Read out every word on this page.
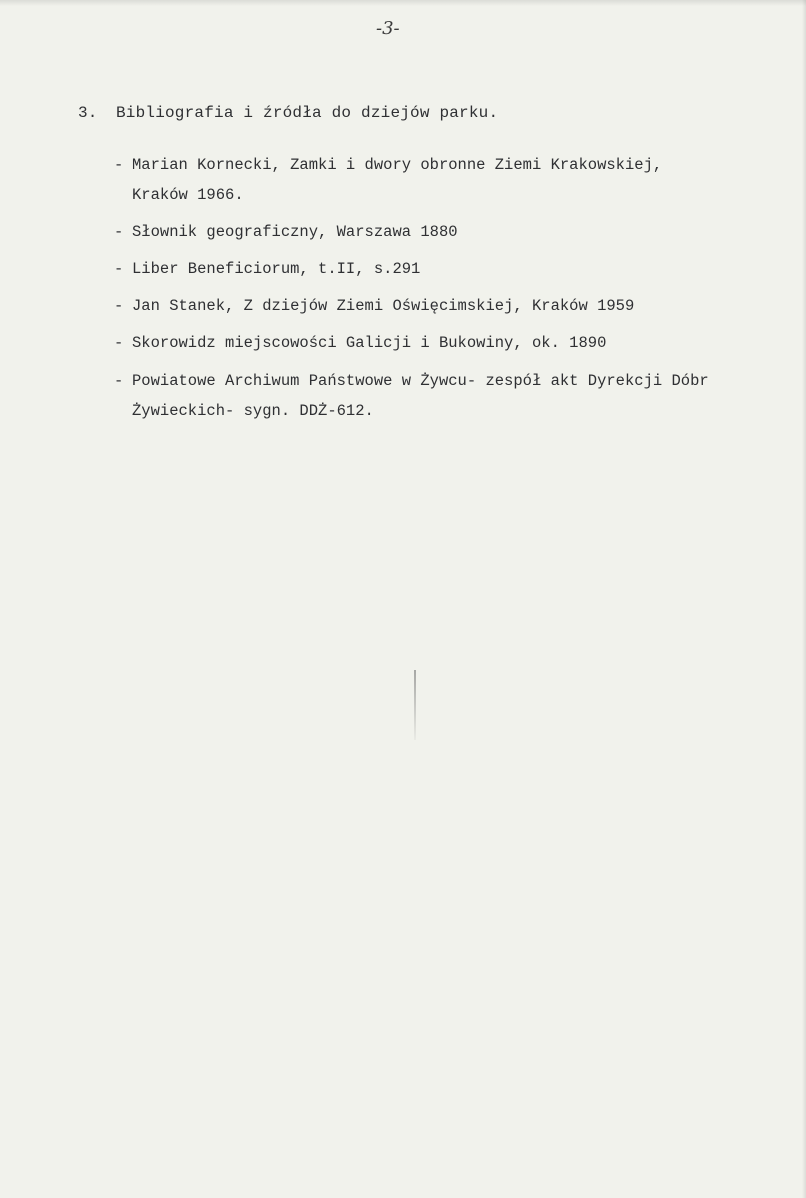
-3-
3. Bibliografia i źródła do dziejów parku.
- Marian Kornecki, Zamki i dwory obronne Ziemi Krakowskiej,
Kraków 1966.
- Słownik geograficzny, Warszawa 1880
- Liber Beneficiorum, t.II, s.291
- Jan Stanek, Z dziejów Ziemi Oświęcimskiej, Kraków 1959
- Skorowidz miejscowości Galicji i Bukowiny, ok. 1890
- Powiatowe Archiwum Państwowe w Żywcu- zespół akt Dyrekcji Dóbr
Żywieckich- sygn. DDŻ-612.
